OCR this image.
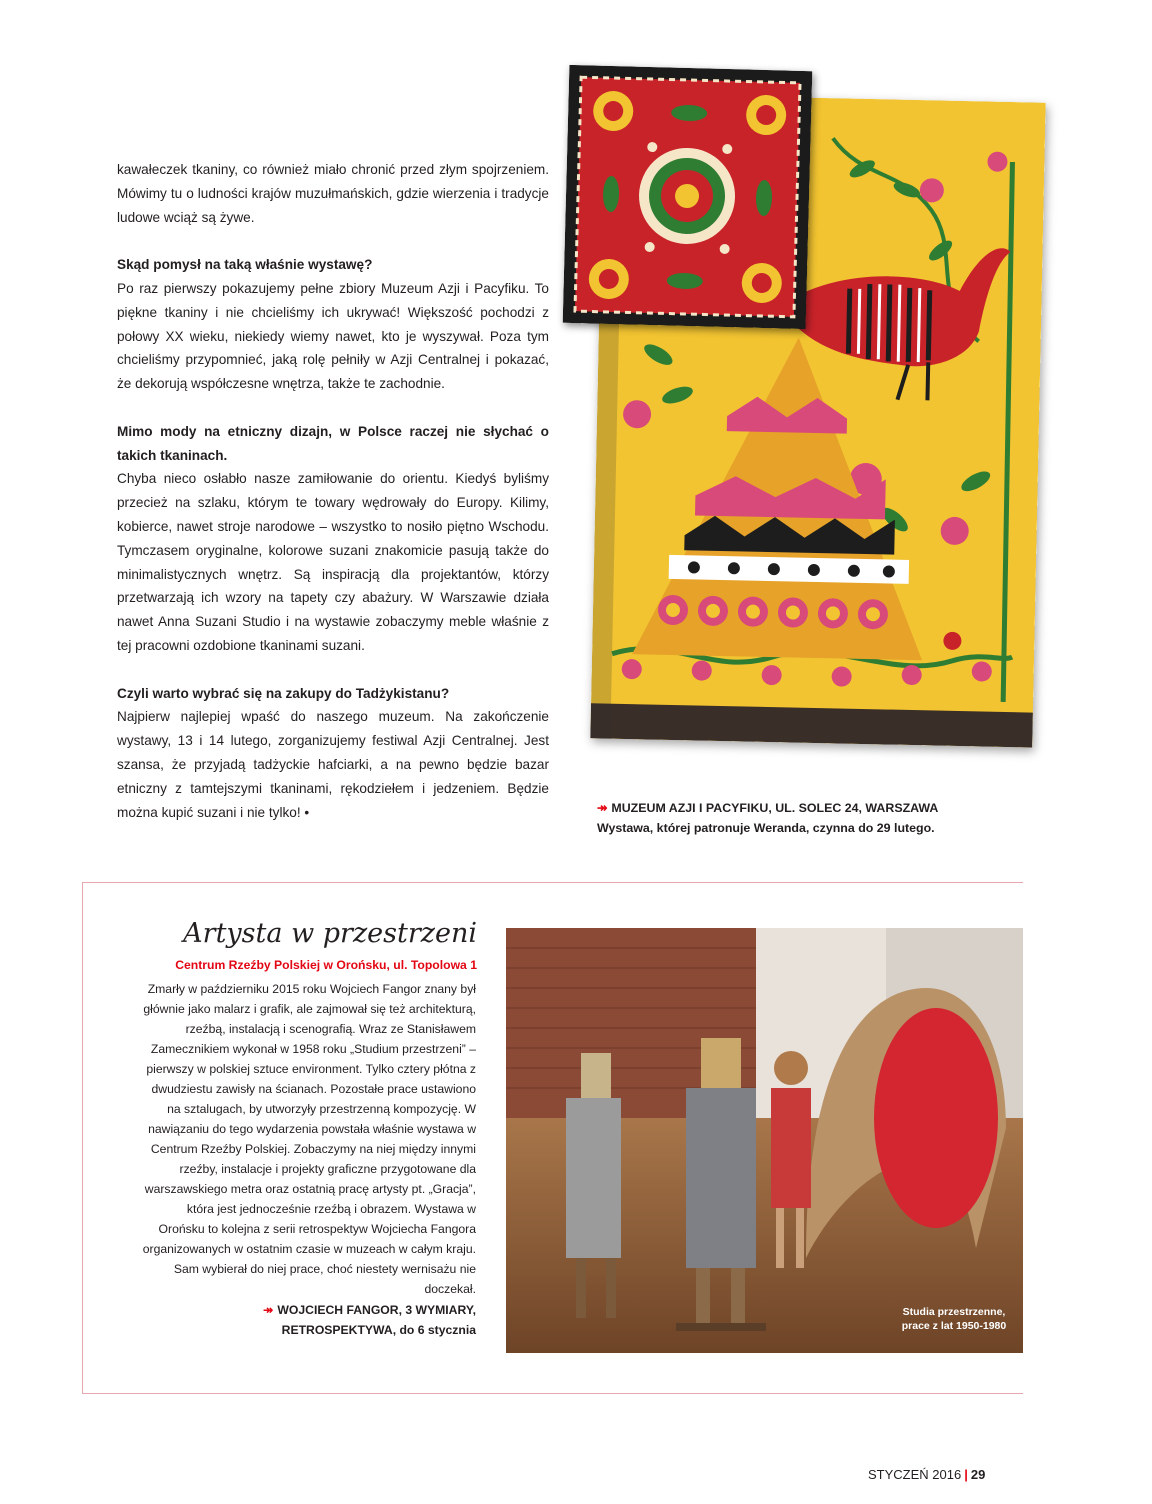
kawałeczek tkaniny, co również miało chronić przed złym spojrzeniem. Mówimy tu o ludności krajów muzułmańskich, gdzie wierzenia i tradycje ludowe wciąż są żywe.

Skąd pomysł na taką właśnie wystawę?

Po raz pierwszy pokazujemy pełne zbiory Muzeum Azji i Pacyfiku. To piękne tkaniny i nie chcieliśmy ich ukrywać! Większość pochodzi z połowy XX wieku, niekiedy wiemy nawet, kto je wyszywał. Poza tym chcieliśmy przypomnieć, jaką rolę pełniły w Azji Centralnej i pokazać, że dekorują współczesne wnętrza, także te zachodnie.

Mimo mody na etniczny dizajn, w Polsce raczej nie słychać o takich tkaninach.

Chyba nieco osłabło nasze zamiłowanie do orientu. Kiedyś byliśmy przecież na szlaku, którym te towary wędrowały do Europy. Kilimy, kobierce, nawet stroje narodowe – wszystko to nosiło piętno Wschodu. Tymczasem oryginalne, kolorowe suzani znakomicie pasują także do minimalistycznych wnętrz. Są inspiracją dla projektantów, którzy przetwarzają ich wzory na tapety czy abażury. W Warszawie działa nawet Anna Suzani Studio i na wystawie zobaczymy meble właśnie z tej pracowni ozdobione tkaninami suzani.

Czyli warto wybrać się na zakupy do Tadżykistanu?

Najpierw najlepiej wpaść do naszego muzeum. Na zakończenie wystawy, 13 i 14 lutego, zorganizujemy festiwal Azji Centralnej. Jest szansa, że przyjadą tadżyckie hafciarki, a na pewno będzie bazar etniczny z tamtejszymi tkaninami, rękodziełem i jedzeniem. Będzie można kupić suzani i nie tylko! •	↠ MUZEUM AZJI I PACYFIKU, UL. SOLEC 24, WARSZAWA
Wystawa, której patronuje Weranda, czynna do 29 lutego.
Artysta w przestrzeni
Centrum Rzeźby Polskiej w Orońsku, ul. Topolowa 1
Zmarły w październiku 2015 roku Wojciech Fangor znany był głównie jako malarz i grafik, ale zajmował się też architekturą, rzeźbą, instalacją i scenografią. Wraz ze Stanisławem Zamecznikiem wykonał w 1958 roku „Studium przestrzeni” – pierwszy w polskiej sztuce environment. Tylko cztery płótna z dwudziestu zawisły na ścianach. Pozostałe prace ustawiono na sztalugach, by utworzyły przestrzenną kompozycję. W nawiązaniu do tego wydarzenia powstała właśnie wystawa w Centrum Rzeźby Polskiej. Zobaczymy na niej między innymi rzeźby, instalacje i projekty graficzne przygotowane dla warszawskiego metra oraz ostatnią pracę artysty pt. „Gracja”, która jest jednocześnie rzeźbą i obrazem. Wystawa w Orońsku to kolejna z serii retrospektyw Wojciecha Fangora organizowanych w ostatnim czasie w muzeach w całym kraju. Sam wybierał do niej prace, choć niestety wernisażu nie doczekał.
↠ WOJCIECH FANGOR, 3 WYMIARY,
RETROSPEKTYWA, do 6 stycznia
Studia przestrzenne,
prace z lat 1950-1980
STYCZEŃ 2016 | 29
